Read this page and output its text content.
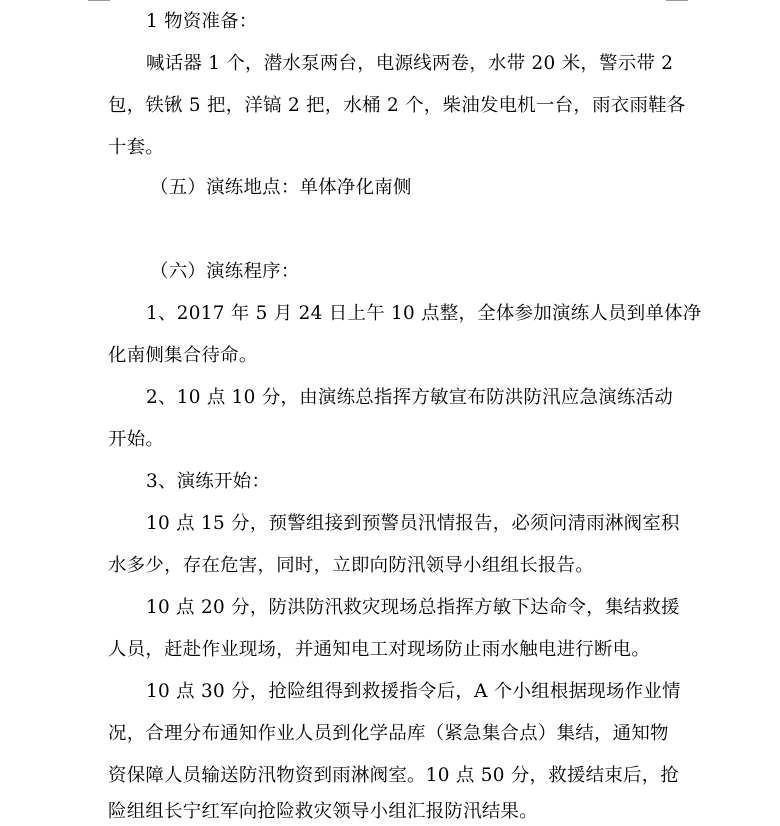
1 物资准备：
喊话器 1 个，潜水泵两台，电源线两卷，水带 20 米，警示带 2
包，铁锹 5 把，洋镐 2 把，水桶 2 个，柴油发电机一台，雨衣雨鞋各
十套。
（五）演练地点：单体净化南侧
（六）演练程序：
1、2017 年 5 月 24 日上午 10 点整，全体参加演练人员到单体净
化南侧集合待命。
2、10 点 10 分，由演练总指挥方敏宣布防洪防汛应急演练活动
开始。
3、演练开始：
10 点 15 分，预警组接到预警员汛情报告，必须问清雨淋阀室积
水多少，存在危害，同时，立即向防汛领导小组组长报告。
10 点 20 分，防洪防汛救灾现场总指挥方敏下达命令，集结救援
人员，赶赴作业现场，并通知电工对现场防止雨水触电进行断电。
10 点 30 分，抢险组得到救援指令后，A 个小组根据现场作业情
况，合理分布通知作业人员到化学品库（紧急集合点）集结，通知物
资保障人员输送防汛物资到雨淋阀室。10 点 50 分，救援结束后，抢
险组组长宁红军向抢险救灾领导小组汇报防汛结果。
